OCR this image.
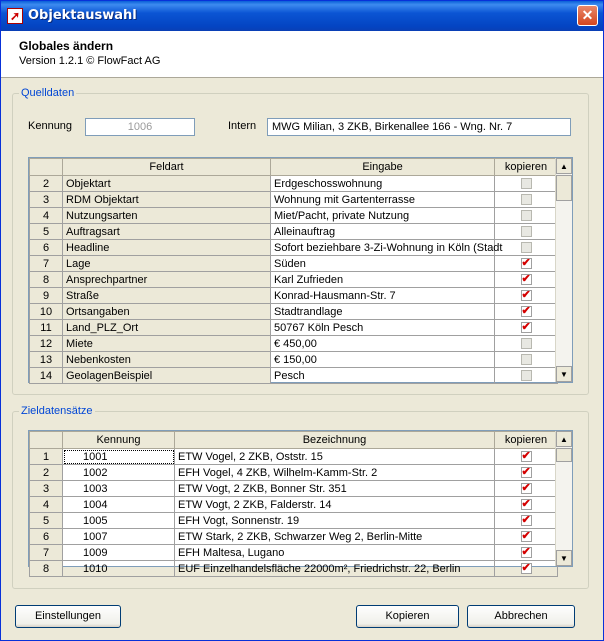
➚ Objektauswahl	✕
Globales ändern
Version 1.2.1 © FlowFact AG
Quelldaten
Kennung	1006	Intern	MWG Milian, 3 ZKB, Birkenallee 166 - Wng. Nr. 7
	Feldart	Eingabe	kopieren
2	Objektart	Erdgeschosswohnung	
3	RDM Objektart	Wohnung mit Gartenterrasse	
4	Nutzungsarten	Miet/Pacht, private Nutzung	
5	Auftragsart	Alleinauftrag	
6	Headline	Sofort beziehbare 3-Zi-Wohnung in Köln (Stadt	
7	Lage	Süden	✔
8	Ansprechpartner	Karl Zufrieden	✔
9	Straße	Konrad-Hausmann-Str. 7	✔
10	Ortsangaben	Stadtrandlage	✔
11	Land_PLZ_Ort	50767 Köln Pesch	✔
12	Miete	€ 450,00	
13	Nebenkosten	€ 150,00	
14	GeolagenBeispiel	Pesch	
▲
▼
Zieldatensätze
	Kennung	Bezeichnung	kopieren
1	1001	ETW Vogel, 2 ZKB, Oststr. 15	✔
2	1002	EFH Vogel, 4 ZKB, Wilhelm-Kamm-Str. 2	✔
3	1003	ETW Vogt, 2 ZKB, Bonner Str. 351	✔
4	1004	ETW Vogt, 2 ZKB, Falderstr. 14	✔
5	1005	EFH Vogt, Sonnenstr. 19	✔
6	1007	ETW Stark, 2 ZKB, Schwarzer Weg 2, Berlin-Mitte	✔
7	1009	EFH Maltesa, Lugano	✔
8	1010	EUF Einzelhandelsfläche 22000m², Friedrichstr. 22, Berlin	✔
▲
▼
Einstellungen	Kopieren	Abbrechen
